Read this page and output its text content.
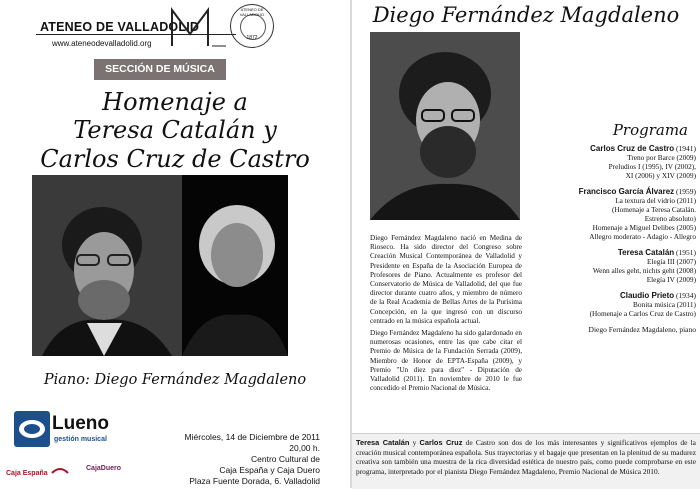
ATENEO DE VALLADOLID
www.ateneodevalladolid.org
ATENEO DE VALLADOLID
1872
SECCIÓN DE MÚSICA
Homenaje a
Teresa Catalán y
Carlos Cruz de Castro
Piano: Diego Fernández Magdaleno
Lueno
gestión musical
Caja España
CajaDuero
Miércoles, 14 de Diciembre de 2011
20,00 h.
Centro Cultural de
Caja España y Caja Duero
Plaza Fuente Dorada, 6. Valladolid
Diego Fernández Magdaleno
Programa
Carlos Cruz de Castro (1941)
Treno por Barce (2009)
Preludios I (1995), IV (2002),
XI (2006) y XIV (2009)
Francisco García Álvarez (1959)
La textura del vidrio (2011)
(Homenaje a Teresa Catalán.
Estreno absoluto)
Homenaje a Miguel Delibes (2005)
Allegro moderato - Adagio - Allegro
Teresa Catalán (1951)
Elegía III (2007)
Wenn alles geht, nichts geht (2008)
Elegía IV (2009)
Claudio Prieto (1934)
Bonita música (2011)
(Homenaje a Carlos Cruz de Castro)
Diego Fernández Magdaleno, piano

Diego Fernández Magdaleno nació en Medina de Rioseco. Ha sido director del Congreso sobre Creación Musical Contemporánea de Valladolid y Presidente en España de la Asociación Europea de Profesores de Piano. Actualmente es profesor del Conservatorio de Música de Valladolid, del que fue director durante cuatro años, y miembro de número de la Real Academia de Bellas Artes de la Purísima Concepción, en la que ingresó con un discurso centrado en la música española actual.

Diego Fernández Magdaleno ha sido galardonado en numerosas ocasiones, entre las que cabe citar el Premio de Música de la Fundación Serrada (2009), Miembro de Honor de EPTA-España (2009), y Premio "Un diez para diez" - Diputación de Valladolid (2011). En noviembre de 2010 le fue concedido el Premio Nacional de Música.

Teresa Catalán y Carlos Cruz de Castro son dos de los más interesantes y significativos ejemplos de la creación musical contemporánea española. Sus trayectorias y el bagaje que presentan en la plenitud de su madurez creativa son también una muestra de la rica diversidad estética de nuestro país, como puede comprobarse en este programa, interpretado por el pianista Diego Fernández Magdaleno, Premio Nacional de Música 2010.
